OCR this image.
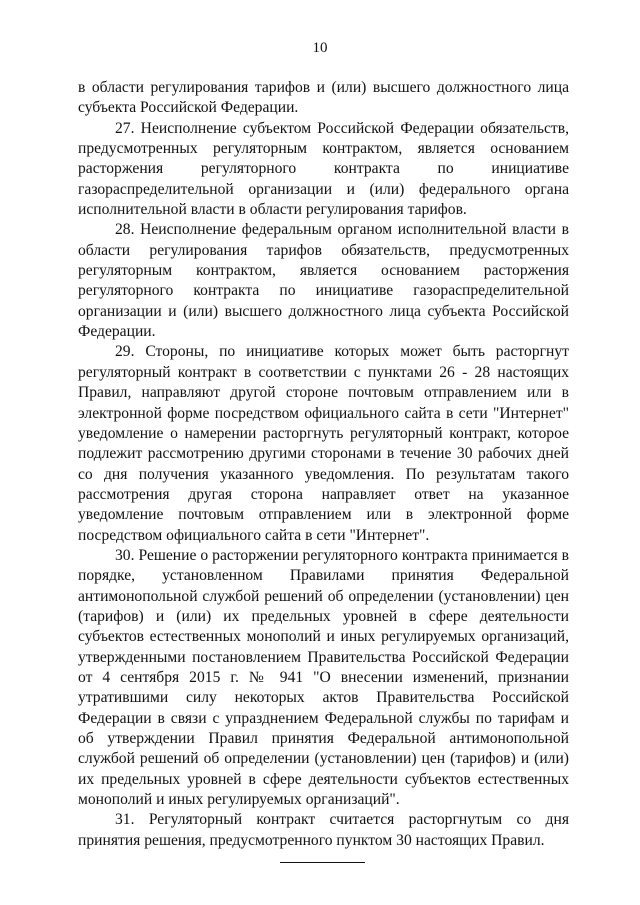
10

в области регулирования тарифов и (или) высшего должностного лица субъекта Российской Федерации.

27. Неисполнение субъектом Российской Федерации обязательств, предусмотренных регуляторным контрактом, является основанием расторжения регуляторного контракта по инициативе газораспределительной организации и (или) федерального органа исполнительной власти в области регулирования тарифов.

28. Неисполнение федеральным органом исполнительной власти в области регулирования тарифов обязательств, предусмотренных регуляторным контрактом, является основанием расторжения регуляторного контракта по инициативе газораспределительной организации и (или) высшего должностного лица субъекта Российской Федерации.

29. Стороны, по инициативе которых может быть расторгнут регуляторный контракт в соответствии с пунктами 26 - 28 настоящих Правил, направляют другой стороне почтовым отправлением или в электронной форме посредством официального сайта в сети "Интернет" уведомление о намерении расторгнуть регуляторный контракт, которое подлежит рассмотрению другими сторонами в течение 30 рабочих дней со дня получения указанного уведомления. По результатам такого рассмотрения другая сторона направляет ответ на указанное уведомление почтовым отправлением или в электронной форме посредством официального сайта в сети "Интернет".

30. Решение о расторжении регуляторного контракта принимается в порядке, установленном Правилами принятия Федеральной антимонопольной службой решений об определении (установлении) цен (тарифов) и (или) их предельных уровней в сфере деятельности субъектов естественных монополий и иных регулируемых организаций, утвержденными постановлением Правительства Российской Федерации от 4 сентября 2015 г. № 941 "О внесении изменений, признании утратившими силу некоторых актов Правительства Российской Федерации в связи с упразднением Федеральной службы по тарифам и об утверждении Правил принятия Федеральной антимонопольной службой решений об определении (установлении) цен (тарифов) и (или) их предельных уровней в сфере деятельности субъектов естественных монополий и иных регулируемых организаций".

31. Регуляторный контракт считается расторгнутым со дня принятия решения, предусмотренного пунктом 30 настоящих Правил.
